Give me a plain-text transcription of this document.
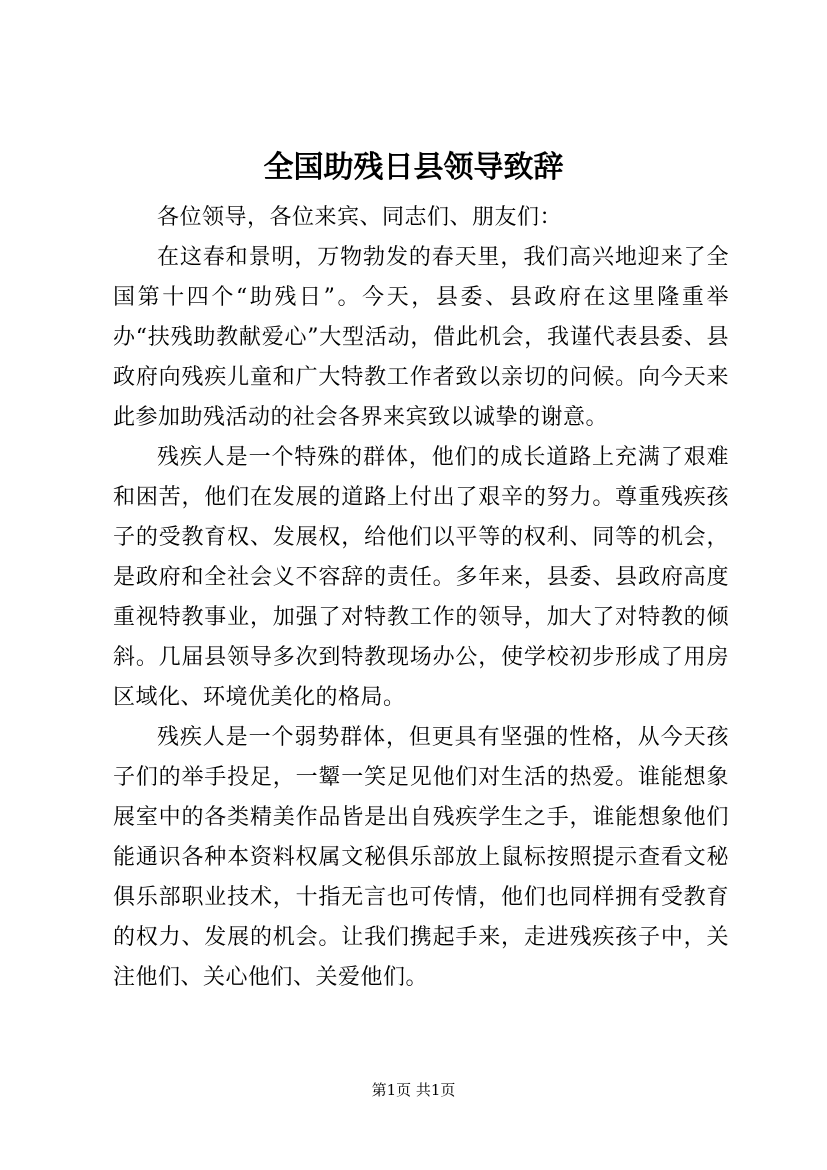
全国助残日县领导致辞

各位领导，各位来宾、同志们、朋友们：

在这春和景明，万物勃发的春天里，我们高兴地迎来了全国第十四个“助残日”。今天，县委、县政府在这里隆重举办“扶残助教献爱心”大型活动，借此机会，我谨代表县委、县政府向残疾儿童和广大特教工作者致以亲切的问候。向今天来此参加助残活动的社会各界来宾致以诚挚的谢意。

残疾人是一个特殊的群体，他们的成长道路上充满了艰难和困苦，他们在发展的道路上付出了艰辛的努力。尊重残疾孩子的受教育权、发展权，给他们以平等的权利、同等的机会，是政府和全社会义不容辞的责任。多年来，县委、县政府高度重视特教事业，加强了对特教工作的领导，加大了对特教的倾斜。几届县领导多次到特教现场办公，使学校初步形成了用房区域化、环境优美化的格局。

残疾人是一个弱势群体，但更具有坚强的性格，从今天孩子们的举手投足，一颦一笑足见他们对生活的热爱。谁能想象展室中的各类精美作品皆是出自残疾学生之手，谁能想象他们能通识各种本资料权属文秘俱乐部放上鼠标按照提示查看文秘俱乐部职业技术，十指无言也可传情，他们也同样拥有受教育的权力、发展的机会。让我们携起手来，走进残疾孩子中，关注他们、关心他们、关爱他们。

第1页 共1页
